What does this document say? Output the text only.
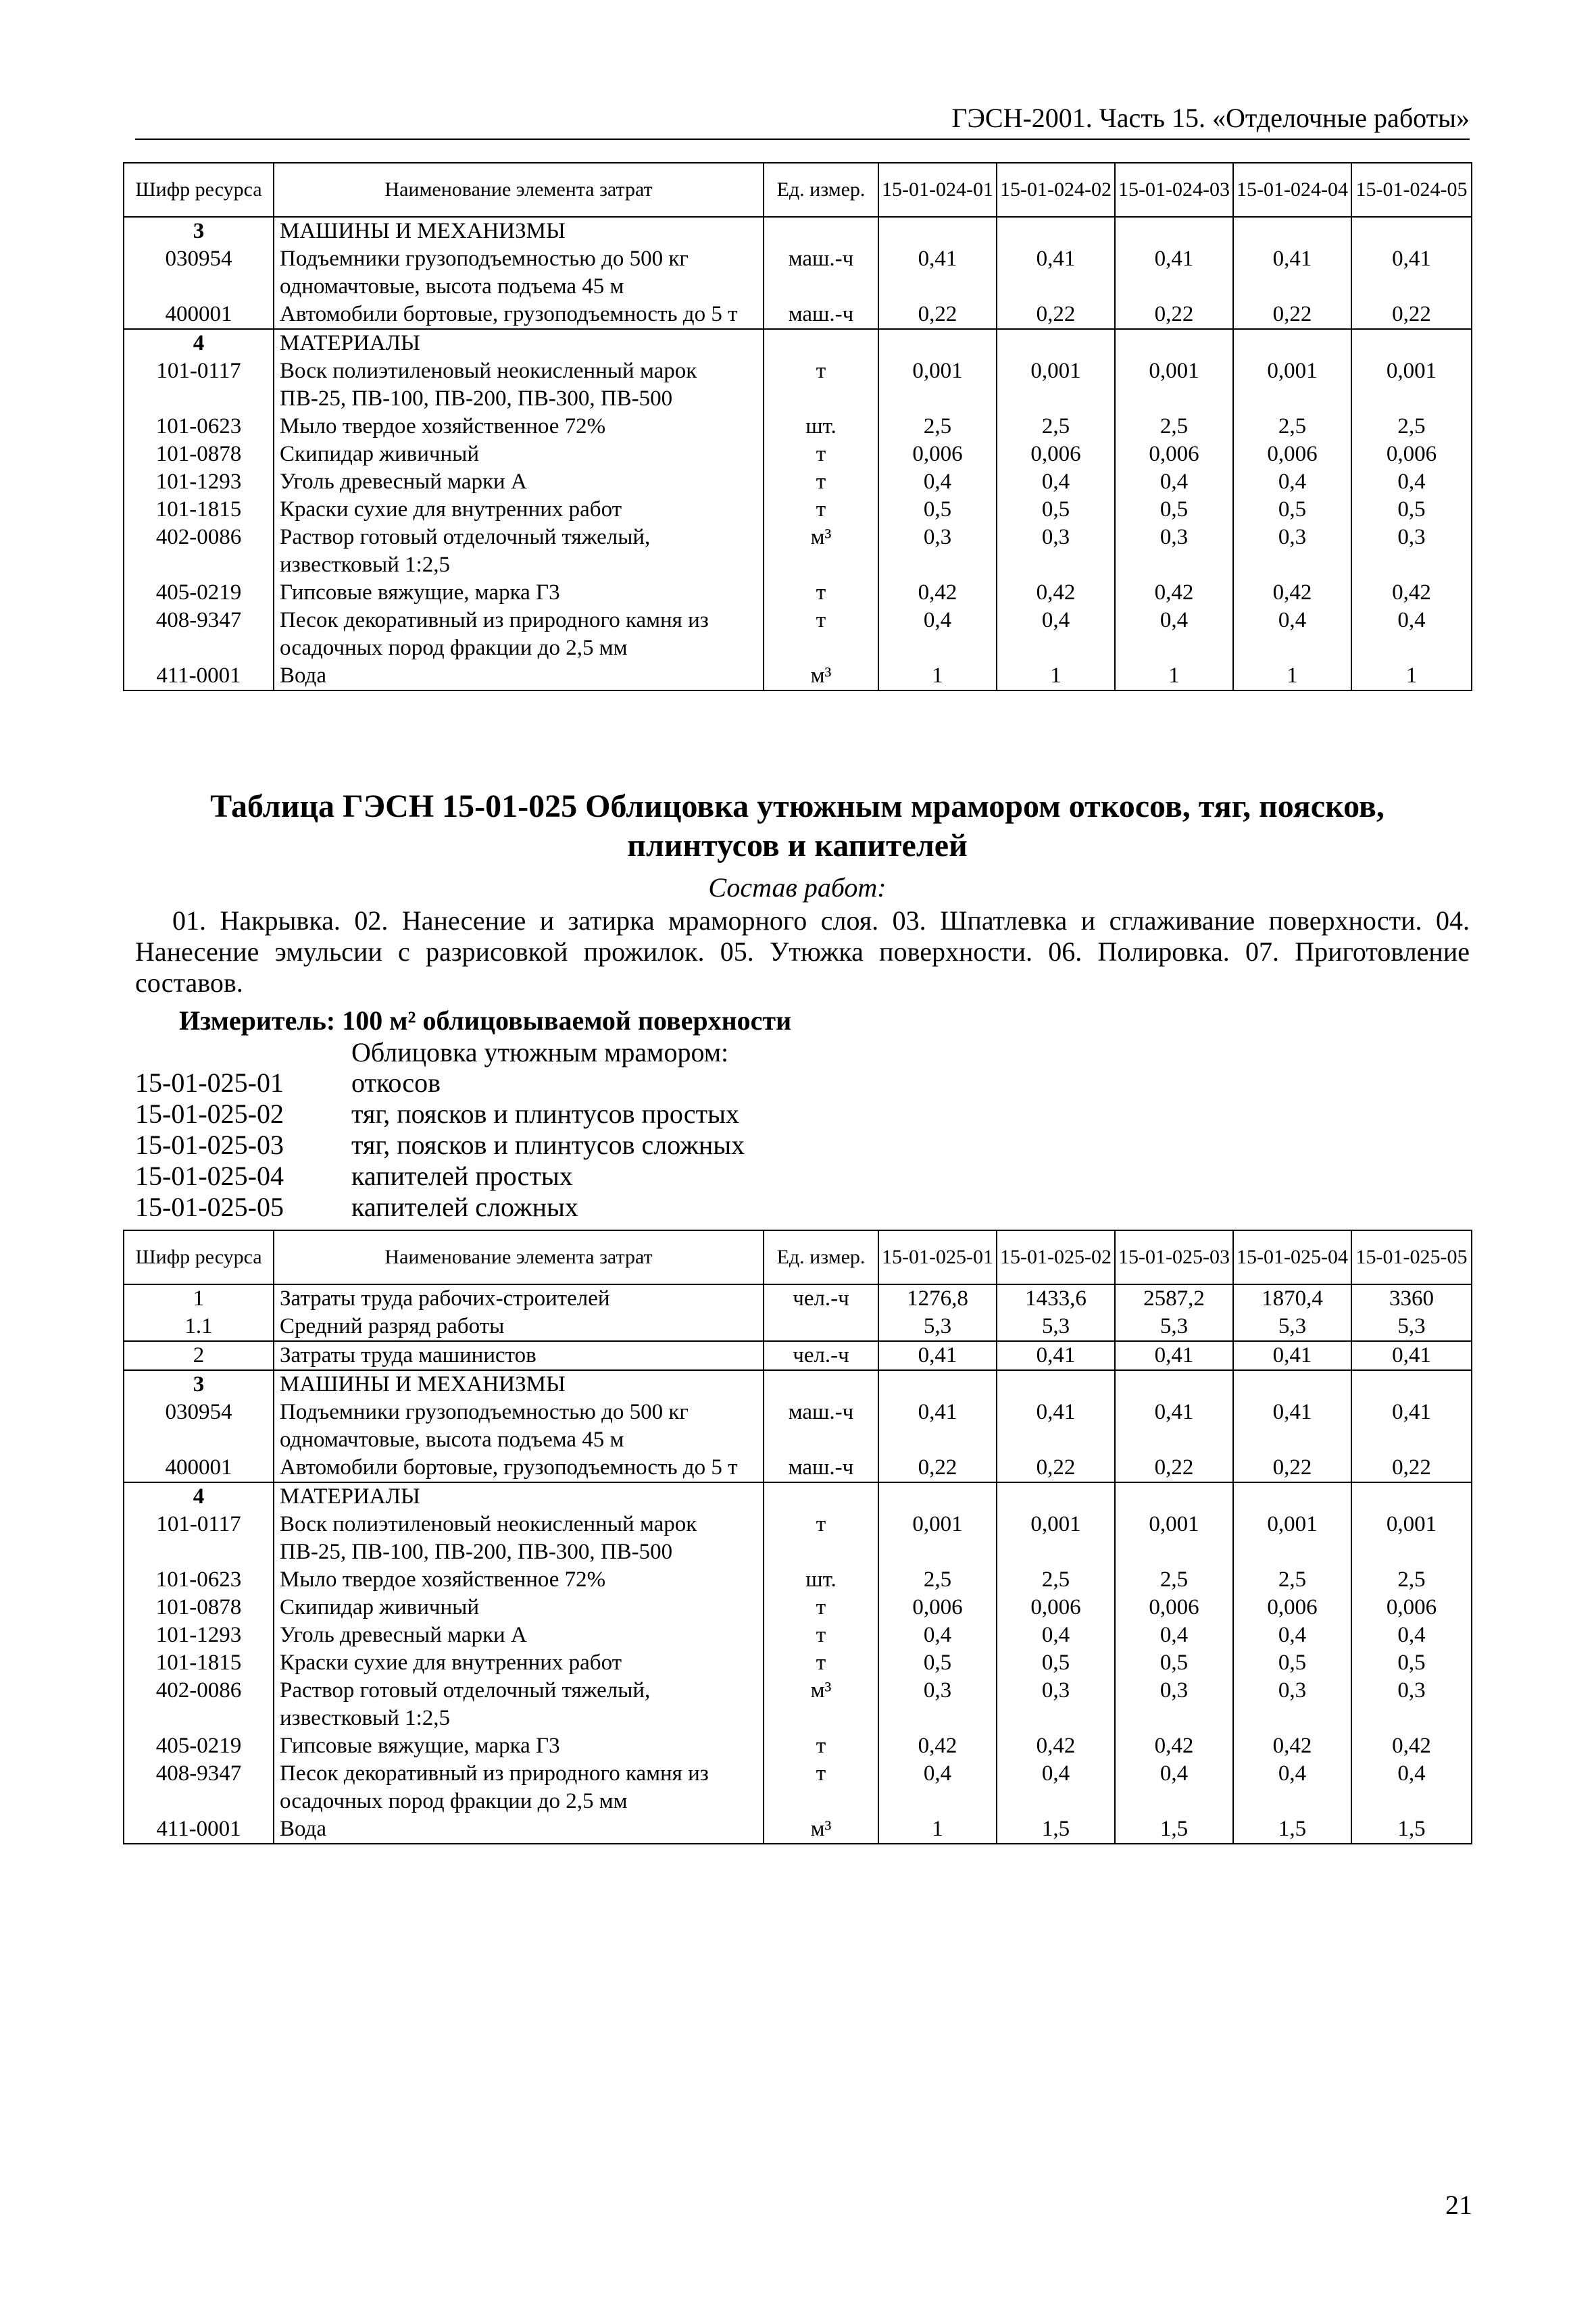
ГЭСН-2001. Часть 15. «Отделочные работы»
Шифр ресурса	Наименование элемента затрат	Ед. измер.	15-01-024-01	15-01-024-02	15-01-024-03	15-01-024-04	15-01-024-05
3	МАШИНЫ И МЕХАНИЗМЫ						
030954	Подъемники грузоподъемностью до 500 кг одномачтовые, высота подъема 45 м	маш.-ч	0,41	0,41	0,41	0,41	0,41
400001	Автомобили бортовые, грузоподъемность до 5 т	маш.-ч	0,22	0,22	0,22	0,22	0,22
4	МАТЕРИАЛЫ						
101-0117	Воск полиэтиленовый неокисленный марок ПВ-25, ПВ-100, ПВ-200, ПВ-300, ПВ-500	т	0,001	0,001	0,001	0,001	0,001
101-0623	Мыло твердое хозяйственное 72%	шт.	2,5	2,5	2,5	2,5	2,5
101-0878	Скипидар живичный	т	0,006	0,006	0,006	0,006	0,006
101-1293	Уголь древесный марки А	т	0,4	0,4	0,4	0,4	0,4
101-1815	Краски сухие для внутренних работ	т	0,5	0,5	0,5	0,5	0,5
402-0086	Раствор готовый отделочный тяжелый, известковый 1:2,5	м³	0,3	0,3	0,3	0,3	0,3
405-0219	Гипсовые вяжущие, марка Г3	т	0,42	0,42	0,42	0,42	0,42
408-9347	Песок декоративный из природного камня из осадочных пород фракции до 2,5 мм	т	0,4	0,4	0,4	0,4	0,4
411-0001	Вода	м³	1	1	1	1	1
Таблица ГЭСН 15-01-025 Облицовка утюжным мрамором откосов, тяг, поясков, плинтусов и капителей
Состав работ:
01. Накрывка. 02. Нанесение и затирка мраморного слоя. 03. Шпатлевка и сглаживание поверхности. 04. Нанесение эмульсии с разрисовкой прожилок. 05. Утюжка поверхности. 06. Полировка. 07. Приготовление составов.
Измеритель: 100 м² облицовываемой поверхности
Облицовка утюжным мрамором:
15-01-025-01	откосов
15-01-025-02	тяг, поясков и плинтусов простых
15-01-025-03	тяг, поясков и плинтусов сложных
15-01-025-04	капителей простых
15-01-025-05	капителей сложных
Шифр ресурса	Наименование элемента затрат	Ед. измер.	15-01-025-01	15-01-025-02	15-01-025-03	15-01-025-04	15-01-025-05
1	Затраты труда рабочих-строителей	чел.-ч	1276,8	1433,6	2587,2	1870,4	3360
1.1	Средний разряд работы		5,3	5,3	5,3	5,3	5,3
2	Затраты труда машинистов	чел.-ч	0,41	0,41	0,41	0,41	0,41
3	МАШИНЫ И МЕХАНИЗМЫ						
030954	Подъемники грузоподъемностью до 500 кг одномачтовые, высота подъема 45 м	маш.-ч	0,41	0,41	0,41	0,41	0,41
400001	Автомобили бортовые, грузоподъемность до 5 т	маш.-ч	0,22	0,22	0,22	0,22	0,22
4	МАТЕРИАЛЫ						
101-0117	Воск полиэтиленовый неокисленный марок ПВ-25, ПВ-100, ПВ-200, ПВ-300, ПВ-500	т	0,001	0,001	0,001	0,001	0,001
101-0623	Мыло твердое хозяйственное 72%	шт.	2,5	2,5	2,5	2,5	2,5
101-0878	Скипидар живичный	т	0,006	0,006	0,006	0,006	0,006
101-1293	Уголь древесный марки А	т	0,4	0,4	0,4	0,4	0,4
101-1815	Краски сухие для внутренних работ	т	0,5	0,5	0,5	0,5	0,5
402-0086	Раствор готовый отделочный тяжелый, известковый 1:2,5	м³	0,3	0,3	0,3	0,3	0,3
405-0219	Гипсовые вяжущие, марка Г3	т	0,42	0,42	0,42	0,42	0,42
408-9347	Песок декоративный из природного камня из осадочных пород фракции до 2,5 мм	т	0,4	0,4	0,4	0,4	0,4
411-0001	Вода	м³	1	1,5	1,5	1,5	1,5
21
